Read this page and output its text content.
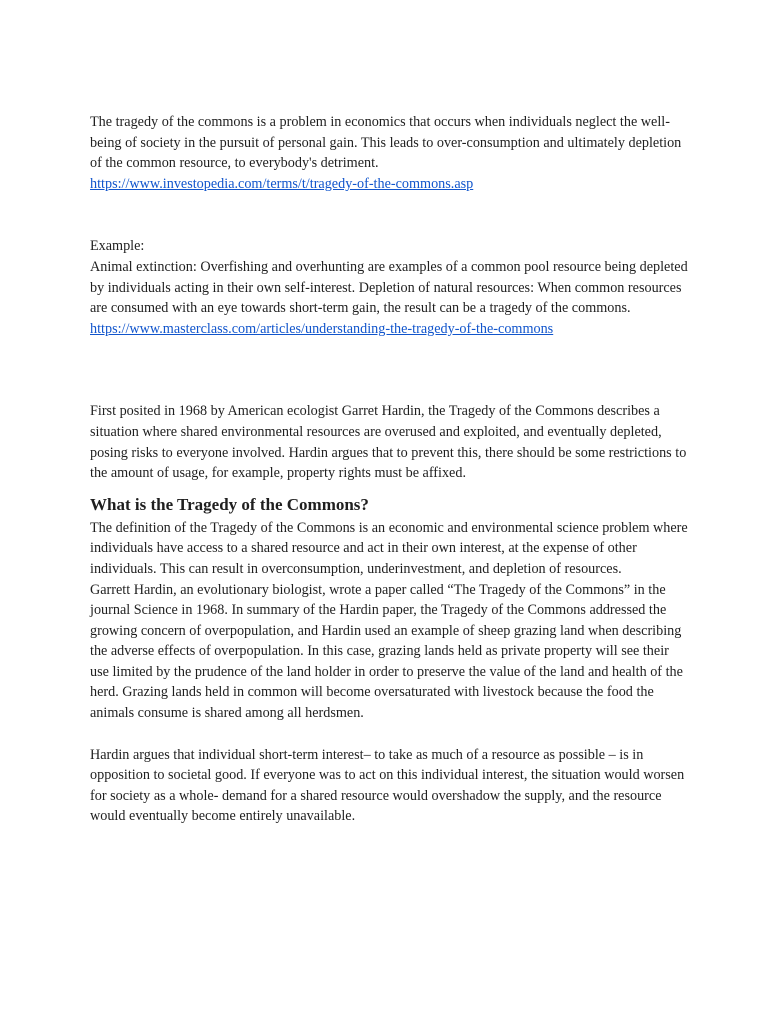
The tragedy of the commons is a problem in economics that occurs when individuals neglect the well-being of society in the pursuit of personal gain. This leads to over-consumption and ultimately depletion of the common resource, to everybody's detriment.

https://www.investopedia.com/terms/t/tragedy-of-the-commons.asp

Example:

Animal extinction: Overfishing and overhunting are examples of a common pool resource being depleted by individuals acting in their own self-interest. Depletion of natural resources: When common resources are consumed with an eye towards short-term gain, the result can be a tragedy of the commons.

https://www.masterclass.com/articles/understanding-the-tragedy-of-the-commons

First posited in 1968 by American ecologist Garret Hardin, the Tragedy of the Commons describes a situation where shared environmental resources are overused and exploited, and eventually depleted, posing risks to everyone involved. Hardin argues that to prevent this, there should be some restrictions to the amount of usage, for example, property rights must be affixed.

What is the Tragedy of the Commons?

The definition of the Tragedy of the Commons is an economic and environmental science problem where individuals have access to a shared resource and act in their own interest, at the expense of other individuals. This can result in overconsumption, underinvestment, and depletion of resources.

Garrett Hardin, an evolutionary biologist, wrote a paper called “The Tragedy of the Commons” in the journal Science in 1968. In summary of the Hardin paper, the Tragedy of the Commons addressed the growing concern of overpopulation, and Hardin used an example of sheep grazing land when describing the adverse effects of overpopulation. In this case, grazing lands held as private property will see their use limited by the prudence of the land holder in order to preserve the value of the land and health of the herd. Grazing lands held in common will become oversaturated with livestock because the food the animals consume is shared among all herdsmen.

Hardin argues that individual short-term interest– to take as much of a resource as possible – is in opposition to societal good. If everyone was to act on this individual interest, the situation would worsen for society as a whole- demand for a shared resource would overshadow the supply, and the resource would eventually become entirely unavailable.
